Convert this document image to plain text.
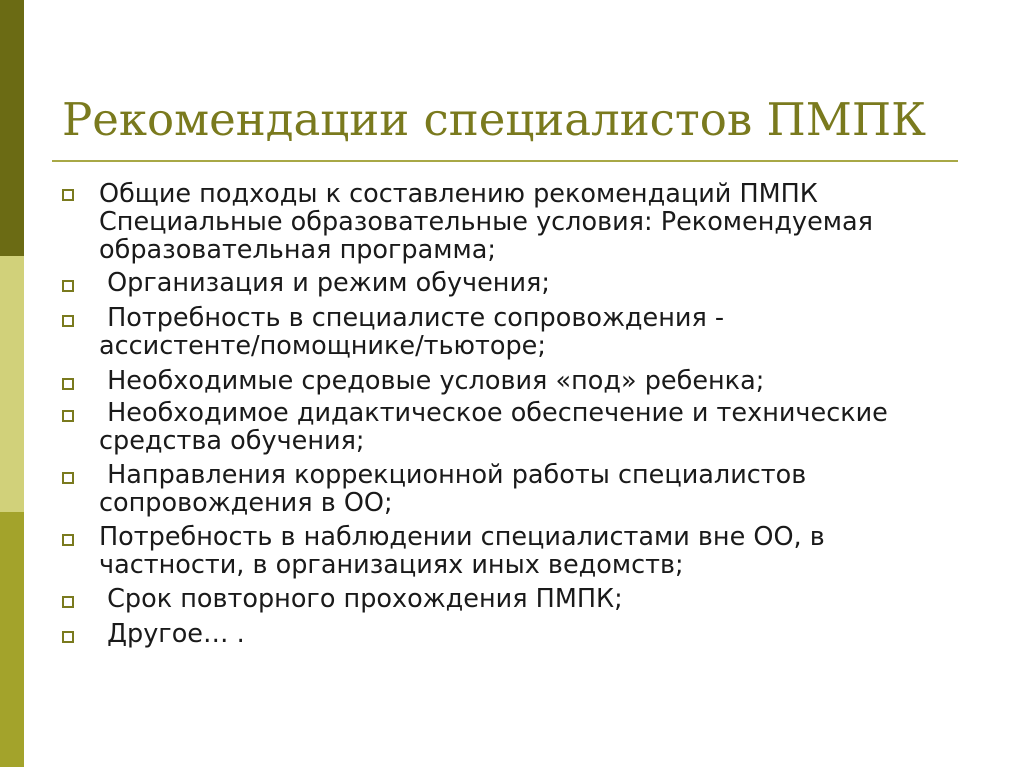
Рекомендации специалистов ПМПК
Общие подходы к составлению рекомендаций ПМПК
Специальные образовательные условия: Рекомендуемая
образовательная программа;
Организация и режим обучения;
Потребность в специалисте сопровождения -
ассистенте/помощнике/тьюторе;
Необходимые средовые условия «под» ребенка;
Необходимое дидактическое обеспечение и технические
средства обучения;
Направления коррекционной работы специалистов
сопровождения в ОО;
Потребность в наблюдении специалистами вне ОО, в
частности, в организациях иных ведомств;
Срок повторного прохождения ПМПК;
Другое… .
